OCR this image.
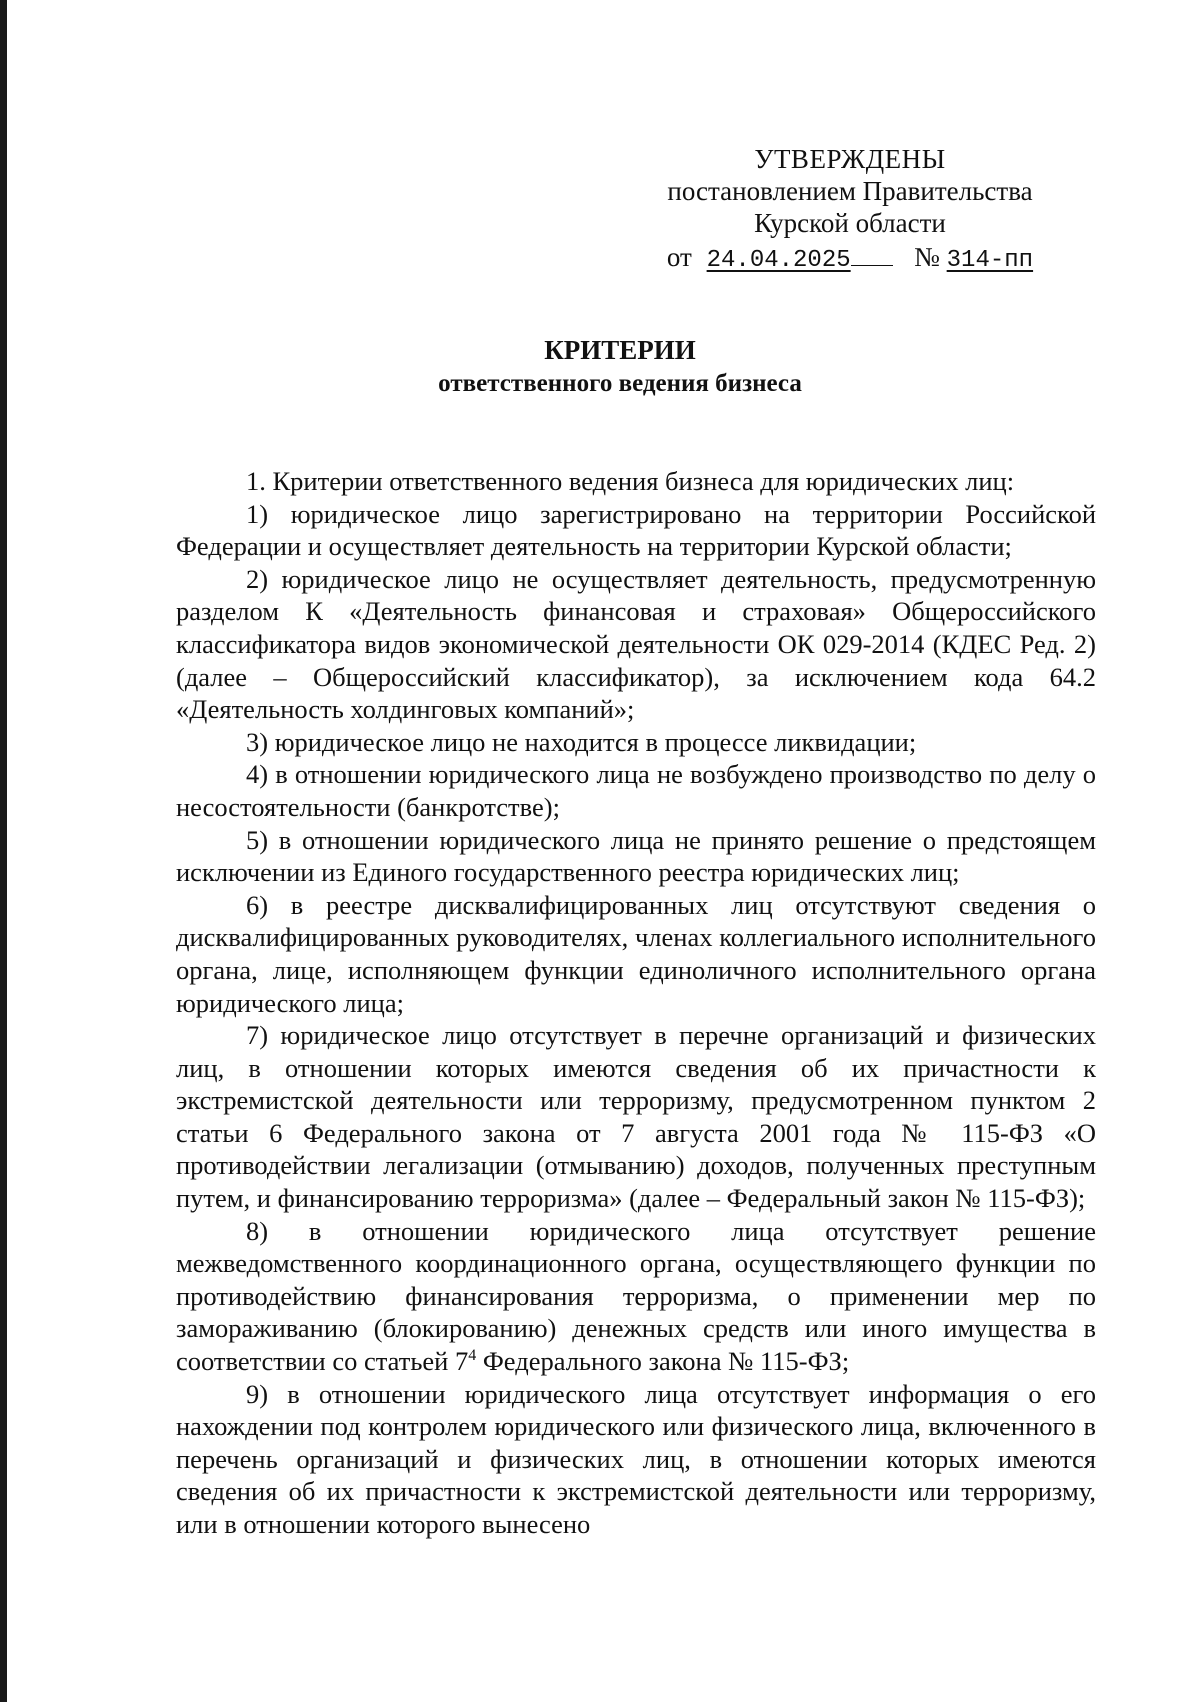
УТВЕРЖДЕНЫ
постановлением Правительства
Курской области
от 24.04.2025 № 314-пп
КРИТЕРИИ
ответственного ведения бизнеса

1. Критерии ответственного ведения бизнеса для юридических лиц:

1) юридическое лицо зарегистрировано на территории Российской Федерации и осуществляет деятельность на территории Курской области;

2) юридическое лицо не осуществляет деятельность, предусмотренную разделом К «Деятельность финансовая и страховая» Общероссийского классификатора видов экономической деятельности ОК 029-2014 (КДЕС Ред. 2) (далее – Общероссийский классификатор), за исключением кода 64.2 «Деятельность холдинговых компаний»;

3) юридическое лицо не находится в процессе ликвидации;

4) в отношении юридического лица не возбуждено производство по делу о несостоятельности (банкротстве);

5) в отношении юридического лица не принято решение о предстоящем исключении из Единого государственного реестра юридических лиц;

6) в реестре дисквалифицированных лиц отсутствуют сведения о дисквалифицированных руководителях, членах коллегиального исполнительного органа, лице, исполняющем функции единоличного исполнительного органа юридического лица;

7) юридическое лицо отсутствует в перечне организаций и физических лиц, в отношении которых имеются сведения об их причастности к экстремистской деятельности или терроризму, предусмотренном пунктом 2 статьи 6 Федерального закона от 7 августа 2001 года № 115-ФЗ «О противодействии легализации (отмыванию) доходов, полученных преступным путем, и финансированию терроризма» (далее – Федеральный закон № 115-ФЗ);

8) в отношении юридического лица отсутствует решение межведомственного координационного органа, осуществляющего функции по противодействию финансирования терроризма, о применении мер по замораживанию (блокированию) денежных средств или иного имущества в соответствии со статьей $7^4$ Федерального закона № 115-ФЗ;

9) в отношении юридического лица отсутствует информация о его нахождении под контролем юридического или физического лица, включенного в перечень организаций и физических лиц, в отношении которых имеются сведения об их причастности к экстремистской деятельности или терроризму, или в отношении которого вынесено
